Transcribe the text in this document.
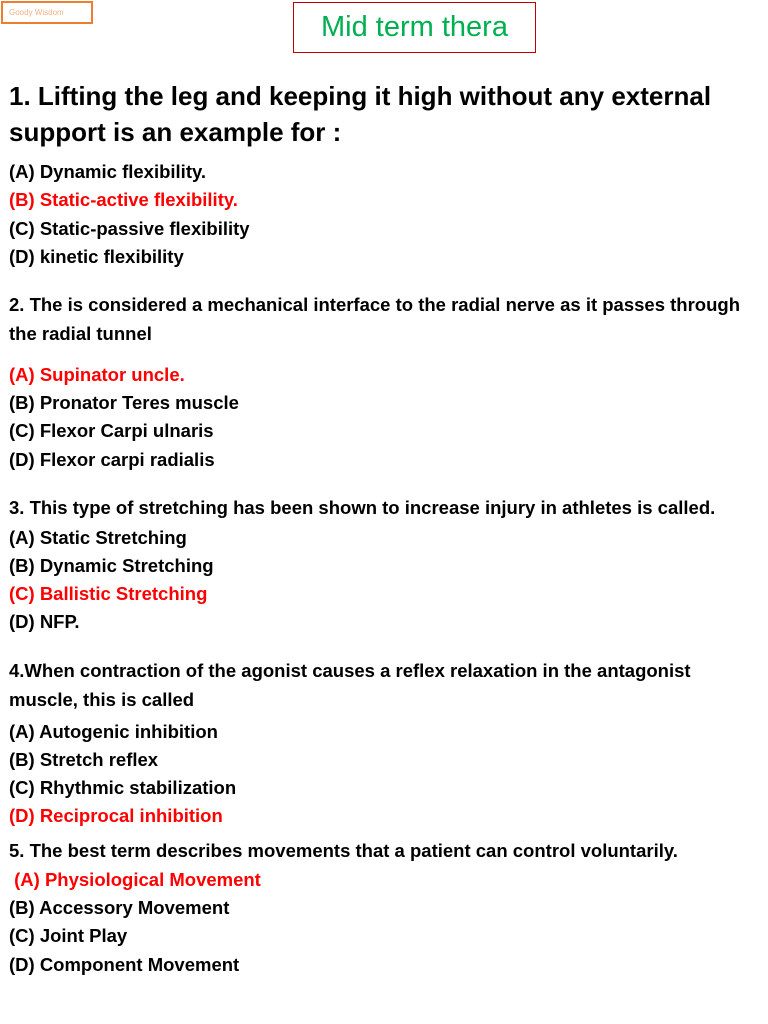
Goody Wisdom	Mid term thera

1. Lifting the leg and keeping it high without any external support is an example for :

(A) Dynamic flexibility.
(B) Static-active flexibility.
(C) Static-passive flexibility
(D) kinetic flexibility

2. The is considered a mechanical interface to the radial nerve as it passes through the radial tunnel

(A) Supinator uncle.
(B) Pronator Teres muscle
(C) Flexor Carpi ulnaris
(D) Flexor carpi radialis

3. This type of stretching has been shown to increase injury in athletes is called.

(A) Static Stretching
(B) Dynamic Stretching
(C) Ballistic Stretching
(D) NFP.

4.When contraction of the agonist causes a reflex relaxation in the antagonist muscle, this is called

(A) Autogenic inhibition
(B) Stretch reflex
(C) Rhythmic stabilization
(D) Reciprocal inhibition

5. The best term describes movements that a patient can control voluntarily.

(A) Physiological Movement
(B) Accessory Movement
(C) Joint Play
(D) Component Movement
